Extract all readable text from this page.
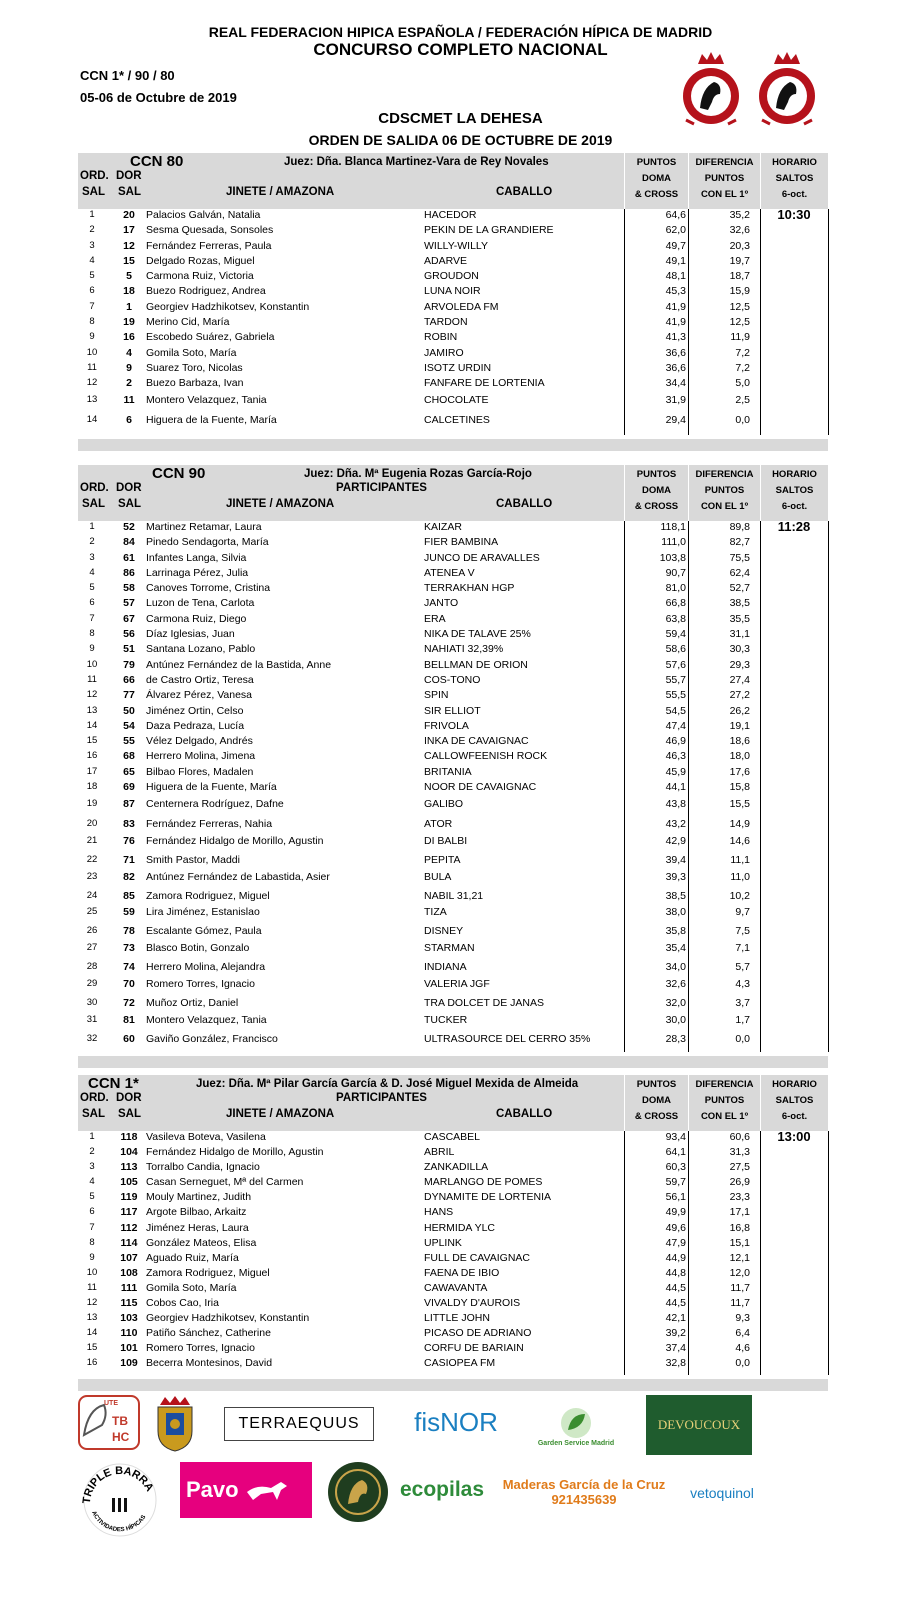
REAL FEDERACION HIPICA ESPAÑOLA / FEDERACIÓN HÍPICA DE MADRID
CONCURSO COMPLETO NACIONAL
CCN 1* / 90 / 80
05-06 de Octubre de 2019
CDSCMET LA DEHESA
ORDEN DE SALIDA 06 DE OCTUBRE DE 2019
CCN 80	Juez: Dña. Blanca Martinez-Vara de Rey Novales
ORD. DOR
SAL SAL	JINETE / AMAZONA	CABALLO
PUNTOS
DOMA
& CROSS
DIFERENCIA
PUNTOS
CON EL 1º
HORARIO
SALTOS
6-oct.
1	20	Palacios Galván, Natalia	HACEDOR	64,6	35,2	10:30
2	17	Sesma Quesada, Sonsoles	PEKIN DE LA GRANDIERE	62,0	32,6
3	12	Fernández Ferreras, Paula	WILLY-WILLY	49,7	20,3
4	15	Delgado Rozas, Miguel	ADARVE	49,1	19,7
5	5	Carmona Ruiz, Victoria	GROUDON	48,1	18,7
6	18	Buezo Rodriguez, Andrea	LUNA NOIR	45,3	15,9
7	1	Georgiev Hadzhikotsev, Konstantin	ARVOLEDA FM	41,9	12,5
8	19	Merino Cid, María	TARDON	41,9	12,5
9	16	Escobedo Suárez, Gabriela	ROBIN	41,3	11,9
10	4	Gomila Soto, María	JAMIRO	36,6	7,2
11	9	Suarez Toro, Nicolas	ISOTZ URDIN	36,6	7,2
12	2	Buezo Barbaza, Ivan	FANFARE DE LORTENIA	34,4	5,0
13	11	Montero Velazquez, Tania	CHOCOLATE	31,9	2,5
14	6	Higuera de la Fuente, María	CALCETINES	29,4	0,0
CCN 90	Juez: Dña. Mª Eugenia Rozas García-Rojo
PARTICIPANTES
ORD. DOR
SAL SAL	JINETE / AMAZONA	CABALLO
PUNTOS
DOMA
& CROSS
DIFERENCIA
PUNTOS
CON EL 1º
HORARIO
SALTOS
6-oct.
1	52	Martinez Retamar, Laura	KAIZAR	118,1	89,8	11:28
2	84	Pinedo Sendagorta, María	FIER BAMBINA	111,0	82,7
3	61	Infantes Langa, Silvia	JUNCO DE ARAVALLES	103,8	75,5
4	86	Larrinaga Pérez, Julia	ATENEA V	90,7	62,4
5	58	Canoves Torrome, Cristina	TERRAKHAN HGP	81,0	52,7
6	57	Luzon de Tena, Carlota	JANTO	66,8	38,5
7	67	Carmona Ruiz, Diego	ERA	63,8	35,5
8	56	Díaz Iglesias, Juan	NIKA DE TALAVE 25%	59,4	31,1
9	51	Santana Lozano, Pablo	NAHIATI 32,39%	58,6	30,3
10	79	Antúnez Fernández de la Bastida, Anne	BELLMAN DE ORION	57,6	29,3
11	66	de Castro Ortiz, Teresa	COS-TONO	55,7	27,4
12	77	Álvarez Pérez, Vanesa	SPIN	55,5	27,2
13	50	Jiménez Ortin, Celso	SIR ELLIOT	54,5	26,2
14	54	Daza Pedraza, Lucía	FRIVOLA	47,4	19,1
15	55	Vélez Delgado, Andrés	INKA DE CAVAIGNAC	46,9	18,6
16	68	Herrero Molina, Jimena	CALLOWFEENISH ROCK	46,3	18,0
17	65	Bilbao Flores, Madalen	BRITANIA	45,9	17,6
18	69	Higuera de la Fuente, María	NOOR DE CAVAIGNAC	44,1	15,8
19	87	Centernera Rodríguez, Dafne	GALIBO	43,8	15,5
20	83	Fernández Ferreras, Nahia	ATOR	43,2	14,9
21	76	Fernández Hidalgo de Morillo, Agustin	DI BALBI	42,9	14,6
22	71	Smith Pastor, Maddi	PEPITA	39,4	11,1
23	82	Antúnez Fernández de Labastida, Asier	BULA	39,3	11,0
24	85	Zamora Rodriguez, Miguel	NABIL 31,21	38,5	10,2
25	59	Lira Jiménez, Estanislao	TIZA	38,0	9,7
26	78	Escalante Gómez, Paula	DISNEY	35,8	7,5
27	73	Blasco Botin, Gonzalo	STARMAN	35,4	7,1
28	74	Herrero Molina, Alejandra	INDIANA	34,0	5,7
29	70	Romero Torres, Ignacio	VALERIA JGF	32,6	4,3
30	72	Muñoz Ortiz, Daniel	TRA DOLCET DE JANAS	32,0	3,7
31	81	Montero Velazquez, Tania	TUCKER	30,0	1,7
32	60	Gaviño González, Francisco	ULTRASOURCE DEL CERRO 35%	28,3	0,0
CCN 1*	Juez: Dña. Mª Pilar García García & D. José Miguel Mexida de Almeida
PARTICIPANTES
ORD. DOR
SAL SAL	JINETE / AMAZONA	CABALLO
PUNTOS
DOMA
& CROSS
DIFERENCIA
PUNTOS
CON EL 1º
HORARIO
SALTOS
6-oct.
1	118 Vasileva Boteva, Vasilena	CASCABEL	93,4	60,6	13:00
2	104 Fernández Hidalgo de Morillo, Agustin	ABRIL	64,1	31,3
3	113 Torralbo Candia, Ignacio	ZANKADILLA	60,3	27,5
4	105 Casan Serneguet, Mª del Carmen	MARLANGO DE POMES	59,7	26,9
5	119 Mouly Martinez, Judith	DYNAMITE DE LORTENIA	56,1	23,3
6	117 Argote Bilbao, Arkaitz	HANS	49,9	17,1
7	112 Jiménez Heras, Laura	HERMIDA YLC	49,6	16,8
8	114 González Mateos, Elisa	UPLINK	47,9	15,1
9	107 Aguado Ruiz, María	FULL DE CAVAIGNAC	44,9	12,1
10	108 Zamora Rodriguez, Miguel	FAENA DE IBIO	44,8	12,0
11	111 Gomila Soto, María	CAWAVANTA	44,5	11,7
12	115 Cobos Cao, Iria	VIVALDY D'AUROIS	44,5	11,7
13	103 Georgiev Hadzhikotsev, Konstantin	LITTLE JOHN	42,1	9,3
14	110 Patiño Sánchez, Catherine	PICASO DE ADRIANO	39,2	6,4
15	101 Romero Torres, Ignacio	CORFU DE BARIAIN	37,4	4,6
16	109 Becerra Montesinos, David	CASIOPEA FM	32,8	0,0
UTE
TB
HC
TERRAEQUUS	fisNOR
Garden Service Madrid
DEVOUCOUX
TRIPLE BARRA
ACTIVIDADES HÍPICAS
Pavo	ecopilas	Maderas García de la Cruz
921435639	vetoquinol
